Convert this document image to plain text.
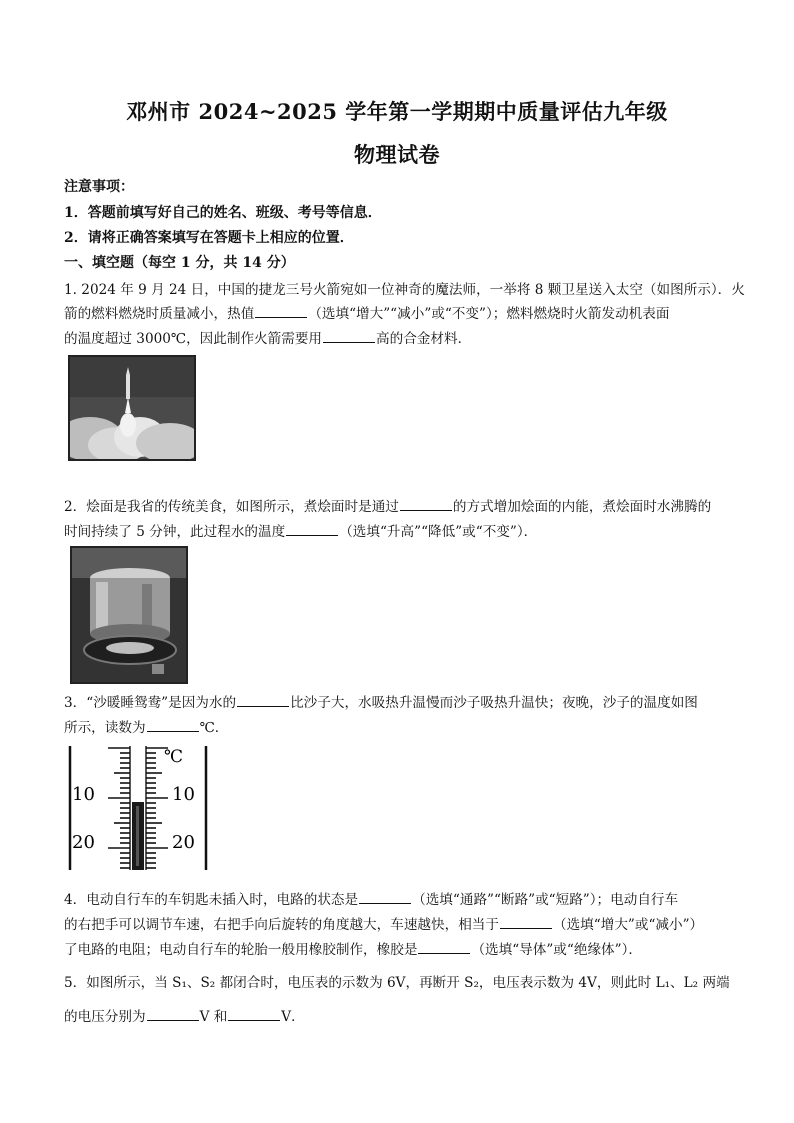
邓州市 2024~2025 学年第一学期期中质量评估九年级
物理试卷
注意事项：
1．答题前填写好自己的姓名、班级、考号等信息．
2．请将正确答案填写在答题卡上相应的位置．
一、填空题（每空 1 分，共 14 分）
1. 2024 年 9 月 24 日，中国的捷龙三号火箭宛如一位神奇的魔法师，一举将 8 颗卫星送入太空（如图所示）．火
箭的燃料燃烧时质量减小，热值	（选填“增大”“减小”或“不变”）；燃料燃烧时火箭发动机表面
的温度超过 3000℃，因此制作火箭需要用	高的合金材料．
2．烩面是我省的传统美食，如图所示，煮烩面时是通过	的方式增加烩面的内能，煮烩面时水沸腾的
时间持续了 5 分钟，此过程水的温度	（选填“升高”“降低”或“不变”）．
3．“沙暖睡鸳鸯”是因为水的	比沙子大，水吸热升温慢而沙子吸热升温快；夜晚，沙子的温度如图
所示，读数为	℃．
℃
10
20
10
20
4．电动自行车的车钥匙未插入时，电路的状态是	（选填“通路”“断路”或“短路”）；电动自行车
的右把手可以调节车速，右把手向后旋转的角度越大，车速越快，相当于	（选填“增大”或“减小”）
了电路的电阻；电动自行车的轮胎一般用橡胶制作，橡胶是	（选填“导体”或“绝缘体”）．
5．如图所示，当 S₁、S₂ 都闭合时，电压表的示数为 6V，再断开 S₂，电压表示数为 4V，则此时 L₁、L₂ 两端
的电压分别为	V 和	V．
